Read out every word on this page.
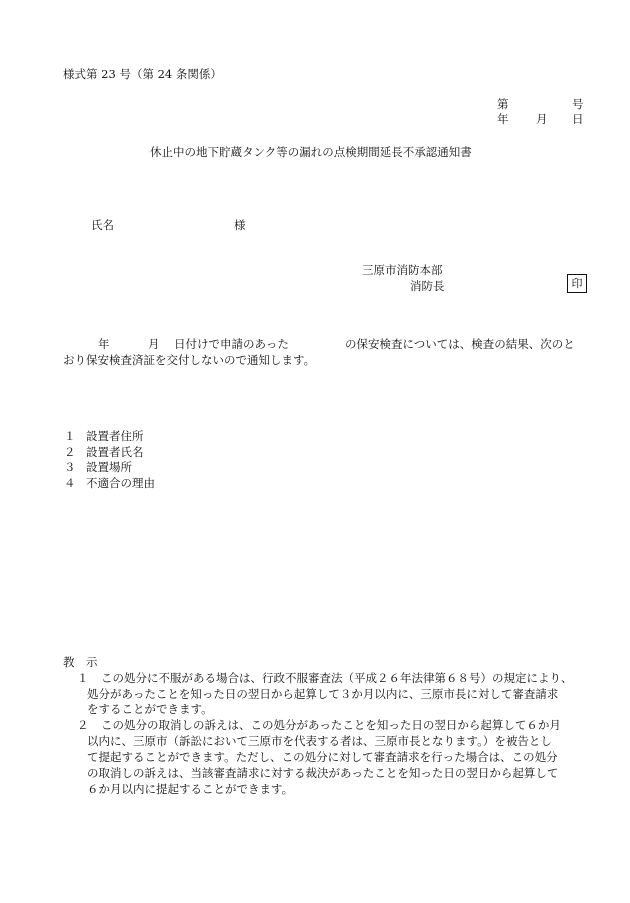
様式第 23 号（第 24 条関係）
第	号
年 月 日
休止中の地下貯蔵タンク等の漏れの点検期間延長不承認通知書
氏名	様
三原市消防本部
消防長	印
年	月 日付けで申請のあった	の保安検査については、検査の結果、次のと
おり保安検査済証を交付しないので通知します。
１ 設置者住所
２ 設置者氏名
３ 設置場所
４ 不適合の理由
教　示
１ この処分に不服がある場合は、行政不服審査法（平成２６年法律第６８号）の規定により、
処分があったことを知った日の翌日から起算して３か月以内に、三原市長に対して審査請求
をすることができます。
２ この処分の取消しの訴えは、この処分があったことを知った日の翌日から起算して６か月
以内に、三原市（訴訟において三原市を代表する者は、三原市長となります。）を被告とし
て提起することができます。ただし、この処分に対して審査請求を行った場合は、この処分
の取消しの訴えは、当該審査請求に対する裁決があったことを知った日の翌日から起算して
６か月以内に提起することができます。
